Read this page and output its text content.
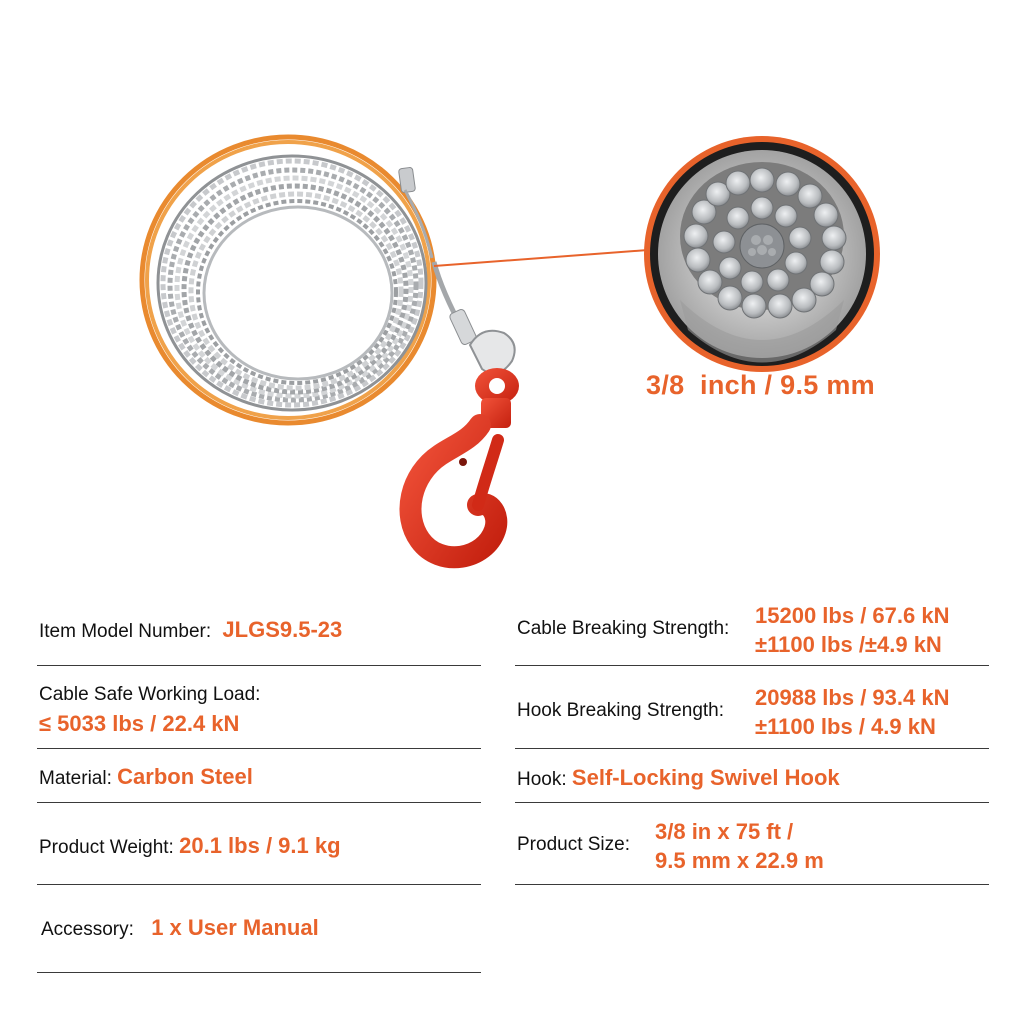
3/8  inch / 9.5 mm
Item Model Number: JLGS9.5-23
Cable Safe Working Load:
≤ 5033 lbs / 22.4 kN
Material: Carbon Steel
Product Weight: 20.1 lbs / 9.1 kg
Accessory: 1 x User Manual
Cable Breaking Strength:
15200 lbs / 67.6 kN
±1100 lbs /±4.9 kN
Hook Breaking Strength:
20988 lbs / 93.4 kN
±1100 lbs / 4.9 kN
Hook: Self-Locking Swivel Hook
Product Size:
3/8 in x 75 ft /
9.5 mm x 22.9 m
